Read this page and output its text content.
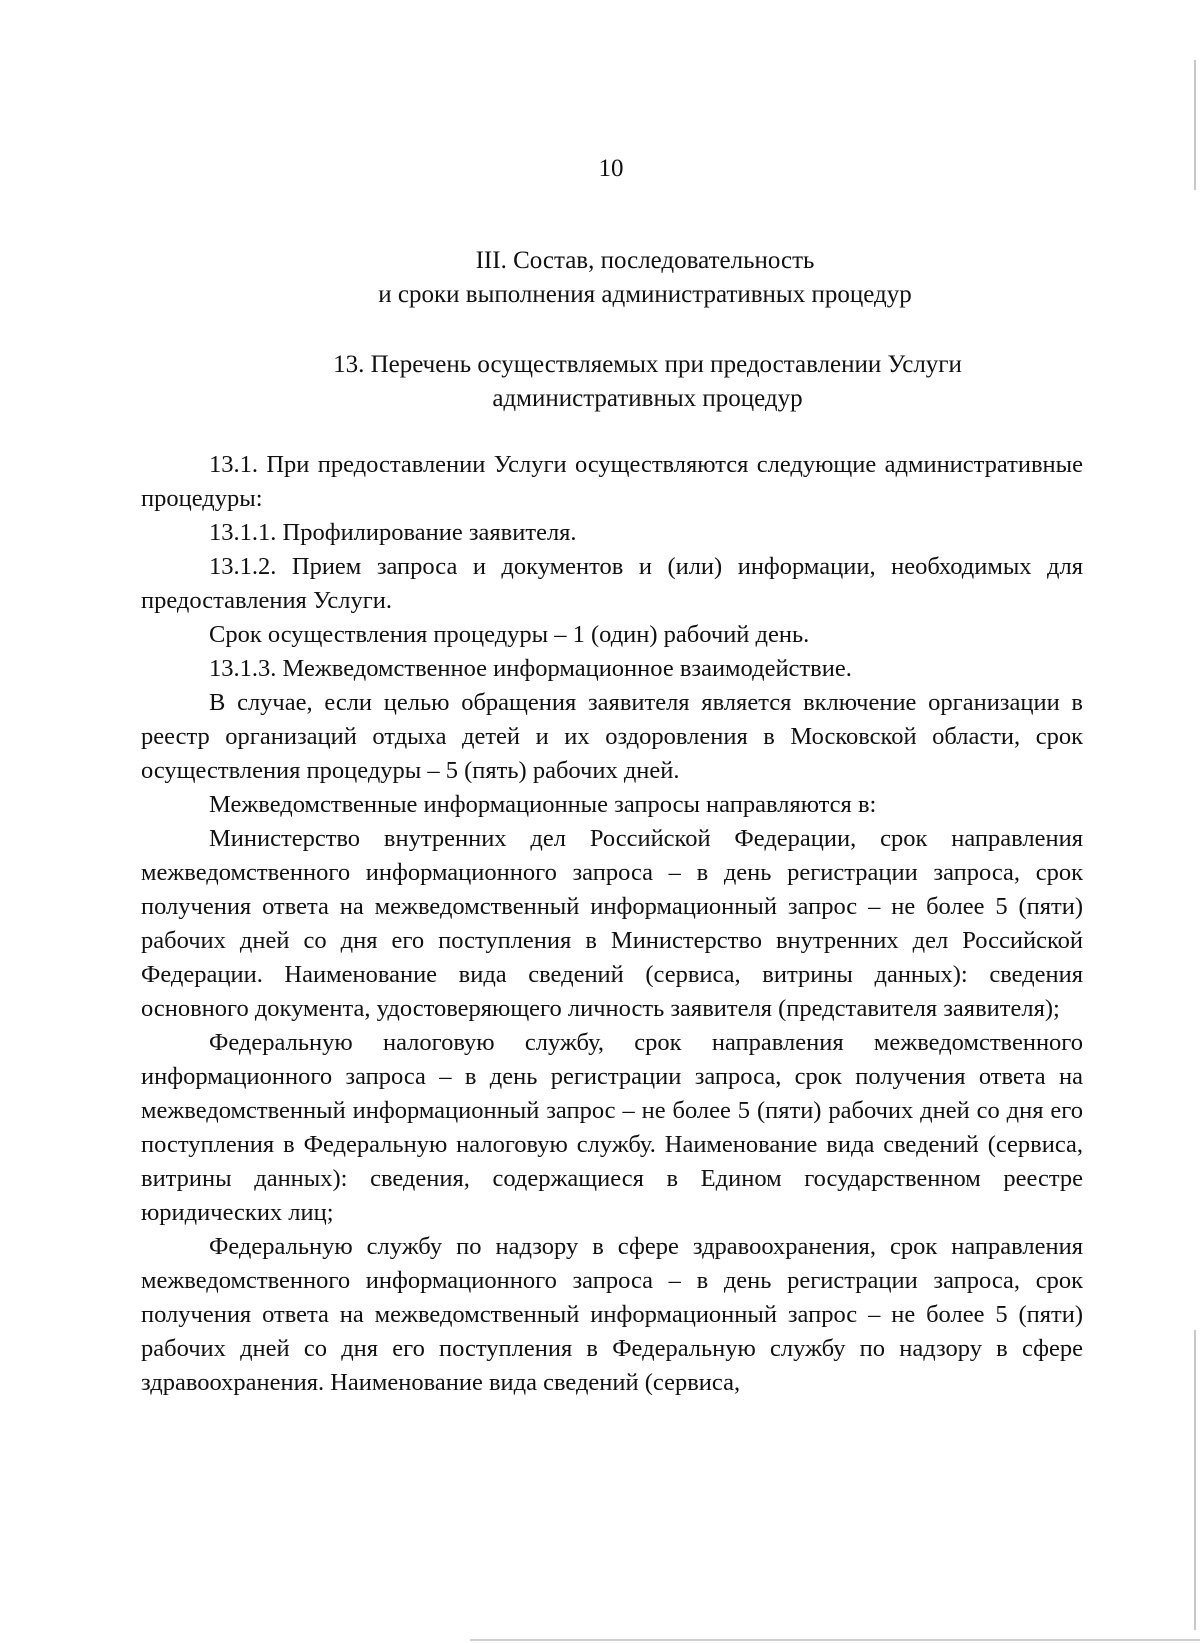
10
III. Состав, последовательность
и сроки выполнения административных процедур
13. Перечень осуществляемых при предоставлении Услуги
административных процедур

13.1. При предоставлении Услуги осуществляются следующие административные процедуры:

13.1.1. Профилирование заявителя.

13.1.2. Прием запроса и документов и (или) информации, необходимых для предоставления Услуги.

Срок осуществления процедуры – 1 (один) рабочий день.

13.1.3. Межведомственное информационное взаимодействие.

В случае, если целью обращения заявителя является включение организации в реестр организаций отдыха детей и их оздоровления в Московской области, срок осуществления процедуры – 5 (пять) рабочих дней.

Межведомственные информационные запросы направляются в:

Министерство внутренних дел Российской Федерации, срок направления межведомственного информационного запроса – в день регистрации запроса, срок получения ответа на межведомственный информационный запрос – не более 5 (пяти) рабочих дней со дня его поступления в Министерство внутренних дел Российской Федерации. Наименование вида сведений (сервиса, витрины данных): сведения основного документа, удостоверяющего личность заявителя (представителя заявителя);

Федеральную налоговую службу, срок направления межведомственного информационного запроса – в день регистрации запроса, срок получения ответа на межведомственный информационный запрос – не более 5 (пяти) рабочих дней со дня его поступления в Федеральную налоговую службу. Наименование вида сведений (сервиса, витрины данных): сведения, содержащиеся в Едином государственном реестре юридических лиц;

Федеральную службу по надзору в сфере здравоохранения, срок направления межведомственного информационного запроса – в день регистрации запроса, срок получения ответа на межведомственный информационный запрос – не более 5 (пяти) рабочих дней со дня его поступления в Федеральную службу по надзору в сфере здравоохранения. Наименование вида сведений (сервиса,
